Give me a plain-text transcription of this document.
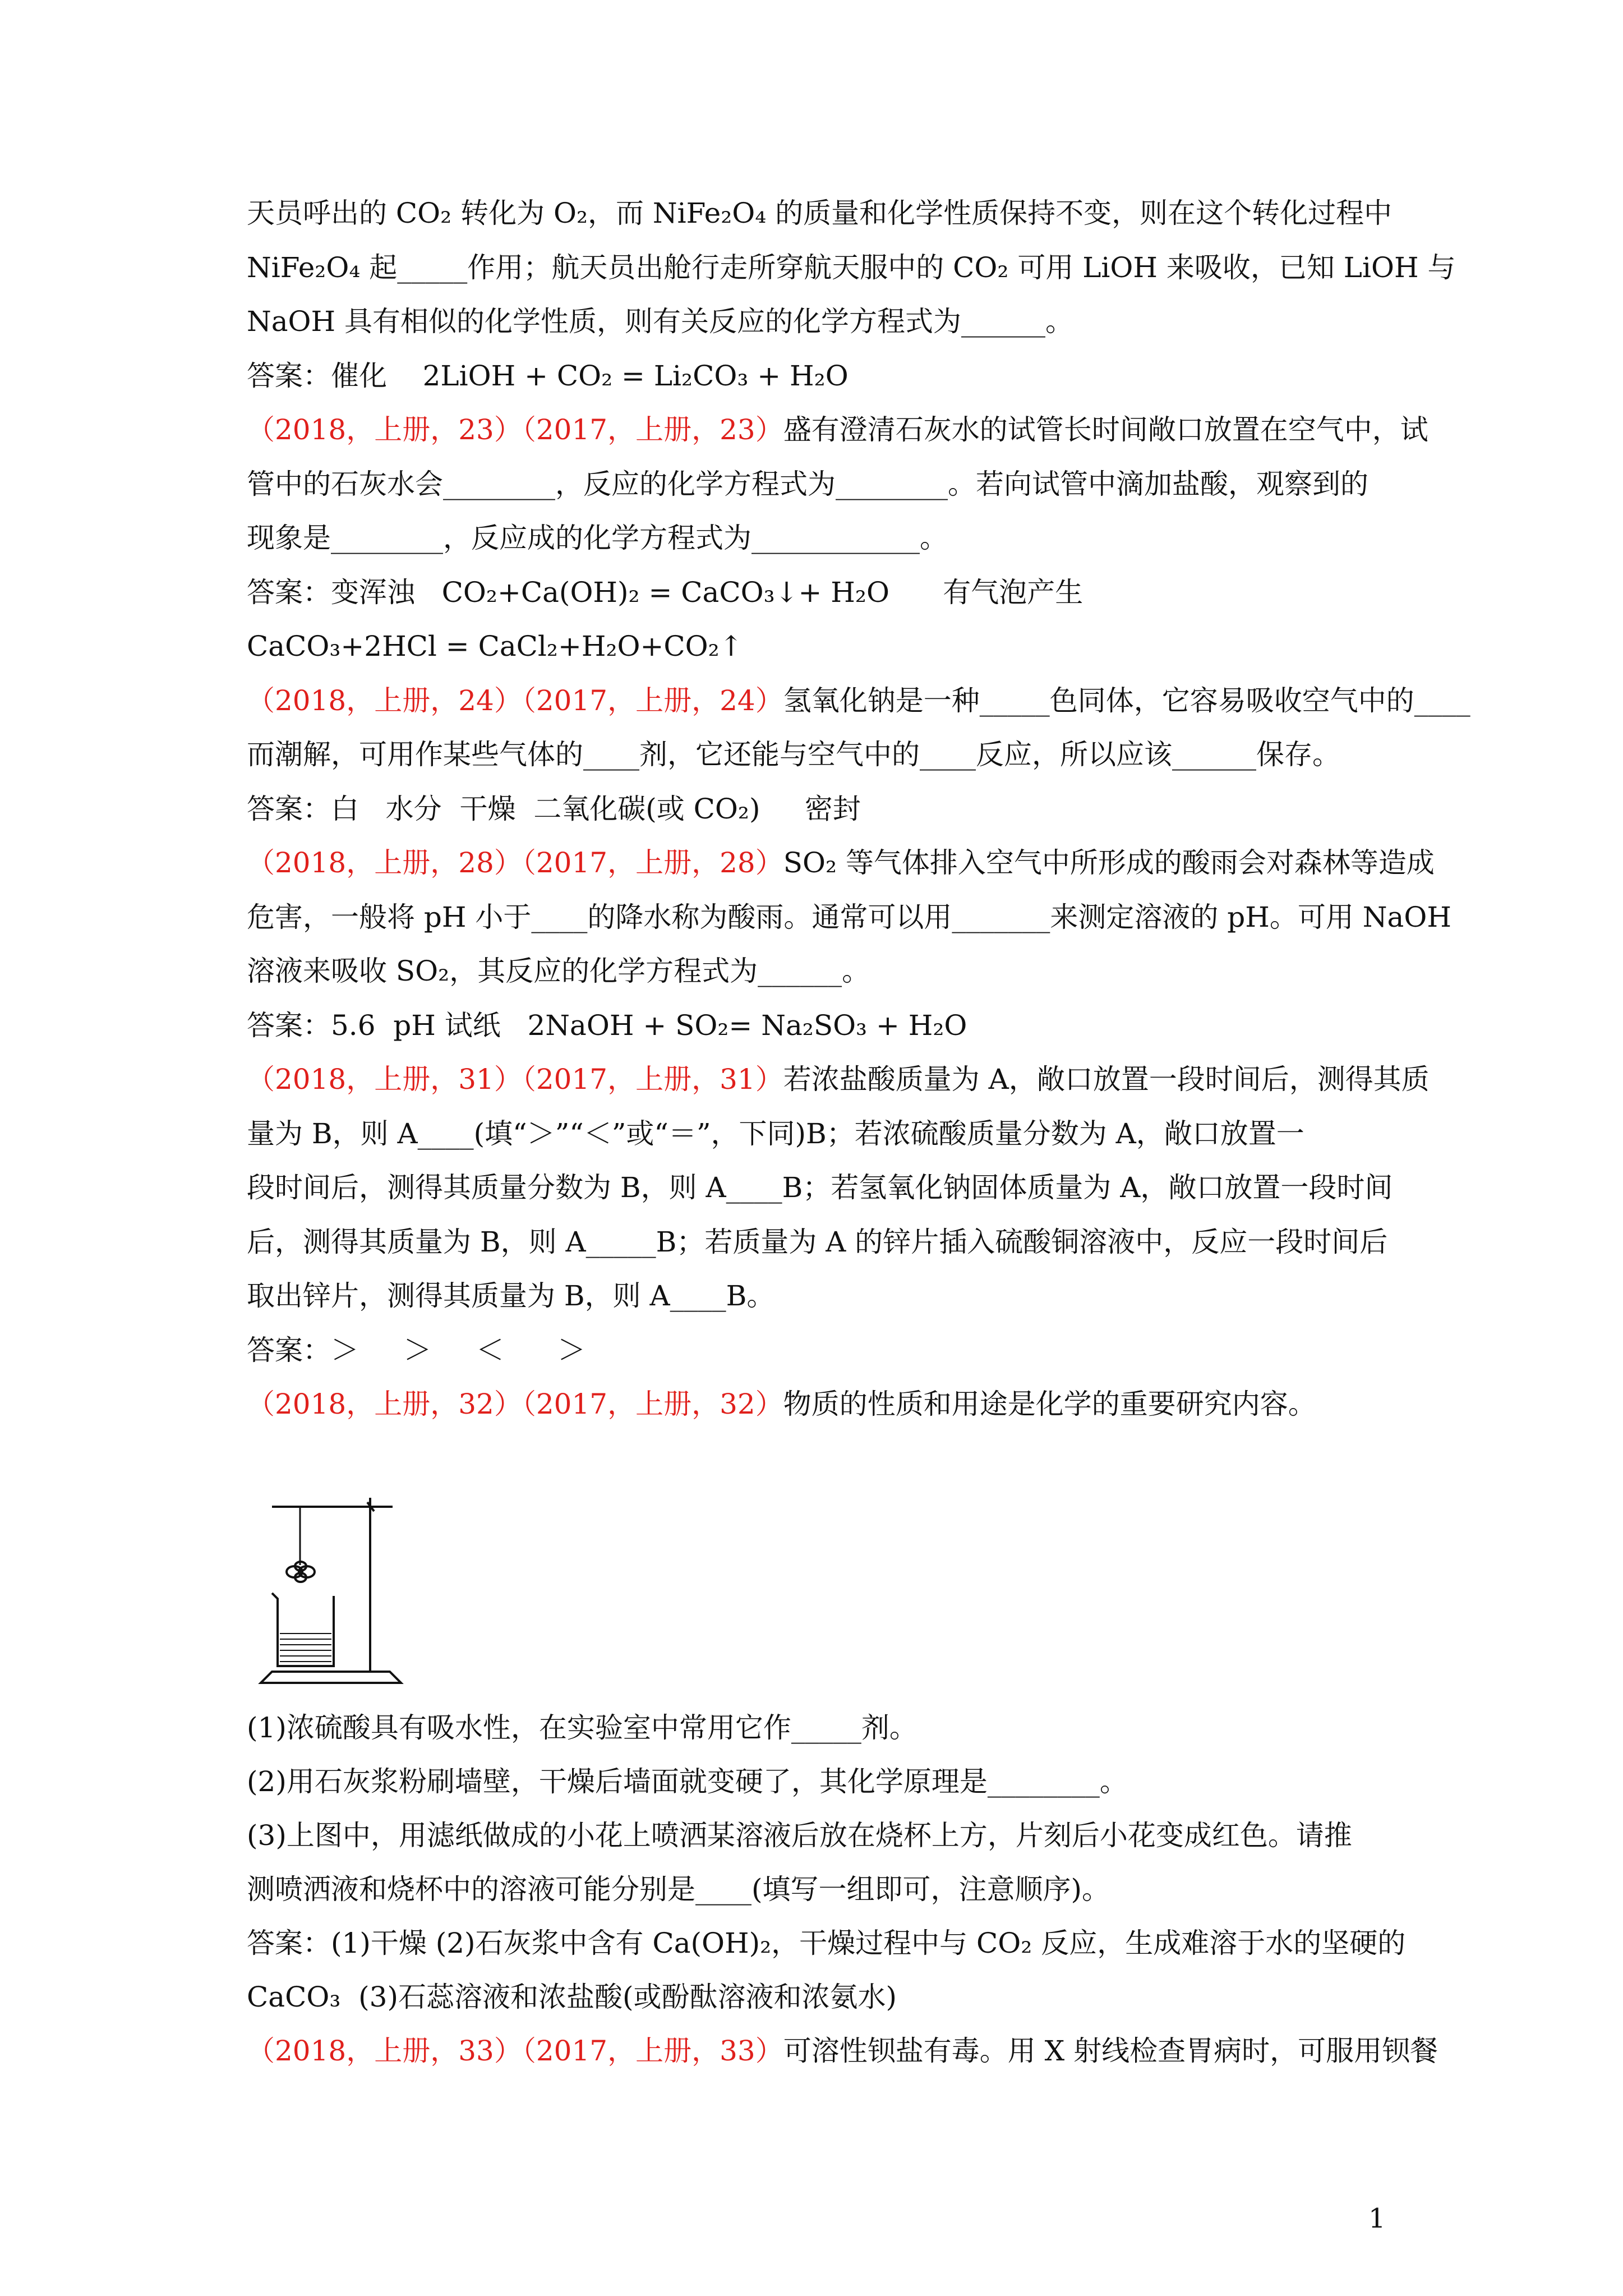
天员呼出的 CO₂ 转化为 O₂，而 NiFe₂O₄ 的质量和化学性质保持不变，则在这个转化过程中
NiFe₂O₄ 起_____作用；航天员出舱行走所穿航天服中的 CO₂ 可用 LiOH 来吸收，已知 LiOH 与
NaOH 具有相似的化学性质，则有关反应的化学方程式为______。
答案：催化    2LiOH + CO₂ = Li₂CO₃ + H₂O
（2018，上册，23）（2017，上册，23）盛有澄清石灰水的试管长时间敞口放置在空气中，试
管中的石灰水会________，反应的化学方程式为________。若向试管中滴加盐酸，观察到的
现象是________，反应成的化学方程式为____________。
答案：变浑浊   CO₂+Ca(OH)₂ = CaCO₃↓+ H₂O      有气泡产生
CaCO₃+2HCl = CaCl₂+H₂O+CO₂↑
（2018，上册，24）（2017，上册，24）氢氧化钠是一种_____色同体，它容易吸收空气中的____
而潮解，可用作某些气体的____剂，它还能与空气中的____反应，所以应该______保存。
答案：白   水分  干燥  二氧化碳(或 CO₂)     密封
（2018，上册，28）（2017，上册，28）SO₂ 等气体排入空气中所形成的酸雨会对森林等造成
危害，一般将 pH 小于____的降水称为酸雨。通常可以用_______来测定溶液的 pH。可用 NaOH
溶液来吸收 SO₂，其反应的化学方程式为______。
答案：5.6  pH 试纸   2NaOH + SO₂= Na₂SO₃ + H₂O
（2018，上册，31）（2017，上册，31）若浓盐酸质量为 A，敞口放置一段时间后，测得其质
量为 B，则 A____(填“＞”“＜”或“＝”，下同)B；若浓硫酸质量分数为 A，敞口放置一
段时间后，测得其质量分数为 B，则 A____B；若氢氧化钠固体质量为 A，敞口放置一段时间
后，测得其质量为 B，则 A_____B；若质量为 A 的锌片插入硫酸铜溶液中，反应一段时间后
取出锌片，测得其质量为 B，则 A____B。
答案：＞     ＞     ＜      ＞
（2018，上册，32）（2017，上册，32）物质的性质和用途是化学的重要研究内容。
(1)浓硫酸具有吸水性，在实验室中常用它作_____剂。
(2)用石灰浆粉刷墙壁，干燥后墙面就变硬了，其化学原理是________。
(3)上图中，用滤纸做成的小花上喷洒某溶液后放在烧杯上方，片刻后小花变成红色。请推
测喷洒液和烧杯中的溶液可能分别是____(填写一组即可，注意顺序)。
答案：(1)干燥 (2)石灰浆中含有 Ca(OH)₂，干燥过程中与 CO₂ 反应，生成难溶于水的坚硬的
CaCO₃  (3)石蕊溶液和浓盐酸(或酚酞溶液和浓氨水)
（2018，上册，33）（2017，上册，33）可溶性钡盐有毒。用 X 射线检查胃病时，可服用钡餐
1
